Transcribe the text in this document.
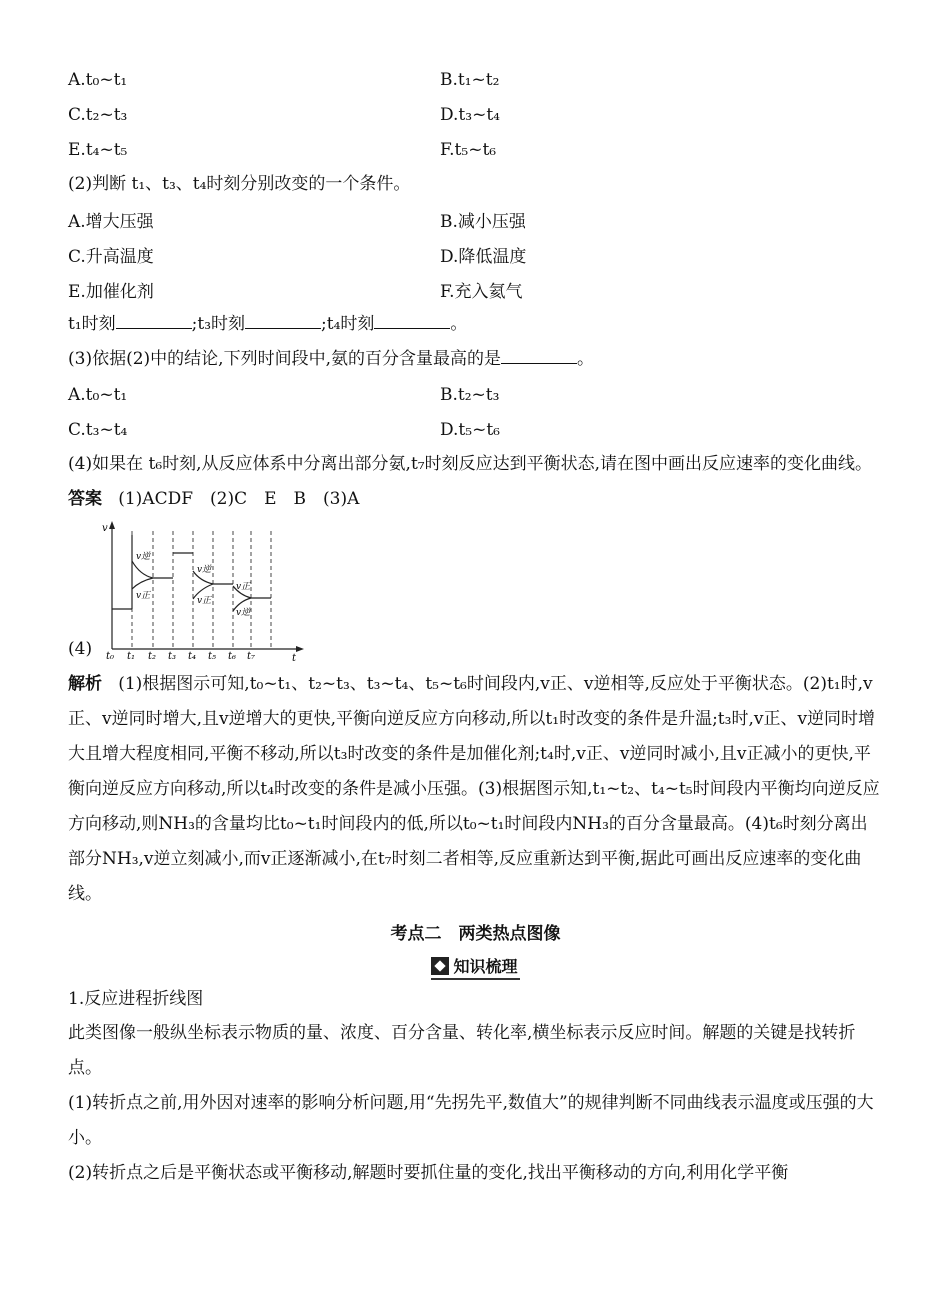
A.t₀~t₁	B.t₁~t₂
C.t₂~t₃	D.t₃~t₄
E.t₄~t₅	F.t₅~t₆
(2)判断 t₁、t₃、t₄时刻分别改变的一个条件。
A.增大压强	B.减小压强
C.升高温度	D.降低温度
E.加催化剂	F.充入氦气
t₁时刻	;t₃时刻	;t₄时刻	。
(3)依据(2)中的结论,下列时间段中,氨的百分含量最高的是	。
A.t₀~t₁	B.t₂~t₃
C.t₃~t₄	D.t₅~t₆
(4)如果在 t₆时刻,从反应体系中分离出部分氨,t₇时刻反应达到平衡状态,请在图中画出反应速率的变化曲线。
答案 (1)ACDF　(2)C　E　B　(3)A
(4)
v
t
v逆
v正
v逆
v正
v正
v逆
t₀ t₁ t₂ t₃ t₄ t₅ t₆ t₇
解析 (1)根据图示可知,t₀~t₁、t₂~t₃、t₃~t₄、t₅~t₆时间段内,v正、v逆相等,反应处于平衡状态。(2)t₁时,v正、v逆同时增大,且v逆增大的更快,平衡向逆反应方向移动,所以t₁时改变的条件是升温;t₃时,v正、v逆同时增大且增大程度相同,平衡不移动,所以t₃时改变的条件是加催化剂;t₄时,v正、v逆同时减小,且v正减小的更快,平衡向逆反应方向移动,所以t₄时改变的条件是减小压强。(3)根据图示知,t₁~t₂、t₄~t₅时间段内平衡均向逆反应方向移动,则NH₃的含量均比t₀~t₁时间段内的低,所以t₀~t₁时间段内NH₃的百分含量最高。(4)t₆时刻分离出部分NH₃,v逆立刻减小,而v正逐渐减小,在t₇时刻二者相等,反应重新达到平衡,据此可画出反应速率的变化曲线。
考点二　两类热点图像
知识梳理
1.反应进程折线图
此类图像一般纵坐标表示物质的量、浓度、百分含量、转化率,横坐标表示反应时间。解题的关键是找转折点。
(1)转折点之前,用外因对速率的影响分析问题,用“先拐先平,数值大”的规律判断不同曲线表示温度或压强的大小。
(2)转折点之后是平衡状态或平衡移动,解题时要抓住量的变化,找出平衡移动的方向,利用化学平衡
